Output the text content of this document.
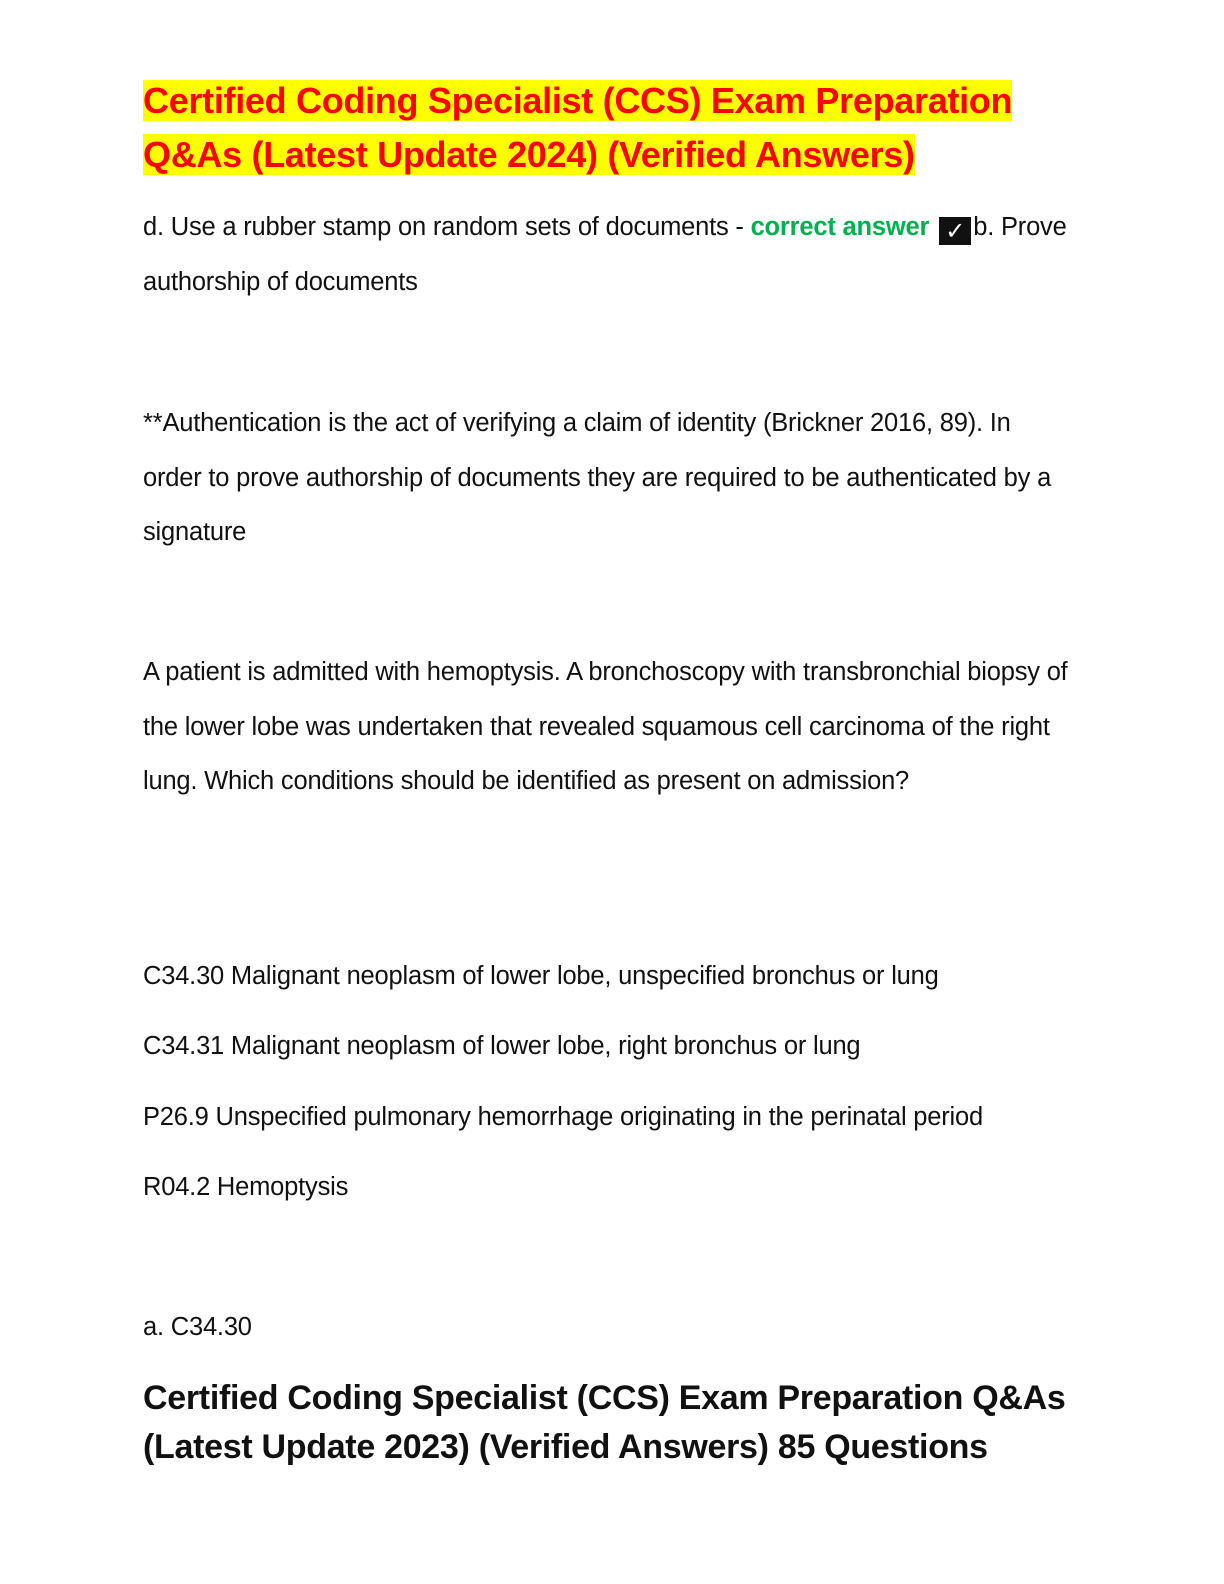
Certified Coding Specialist (CCS) Exam Preparation
Q&As (Latest Update 2024) (Verified Answers)
d. Use a rubber stamp on random sets of documents - correct answer ✓ b. Prove authorship of documents
**Authentication is the act of verifying a claim of identity (Brickner 2016, 89). In order to prove authorship of documents they are required to be authenticated by a signature
A patient is admitted with hemoptysis. A bronchoscopy with transbronchial biopsy of the lower lobe was undertaken that revealed squamous cell carcinoma of the right lung. Which conditions should be identified as present on admission?
C34.30 Malignant neoplasm of lower lobe, unspecified bronchus or lung
C34.31 Malignant neoplasm of lower lobe, right bronchus or lung
P26.9 Unspecified pulmonary hemorrhage originating in the perinatal period
R04.2 Hemoptysis
a. C34.30
Certified Coding Specialist (CCS) Exam Preparation Q&As
(Latest Update 2023) (Verified Answers) 85 Questions
